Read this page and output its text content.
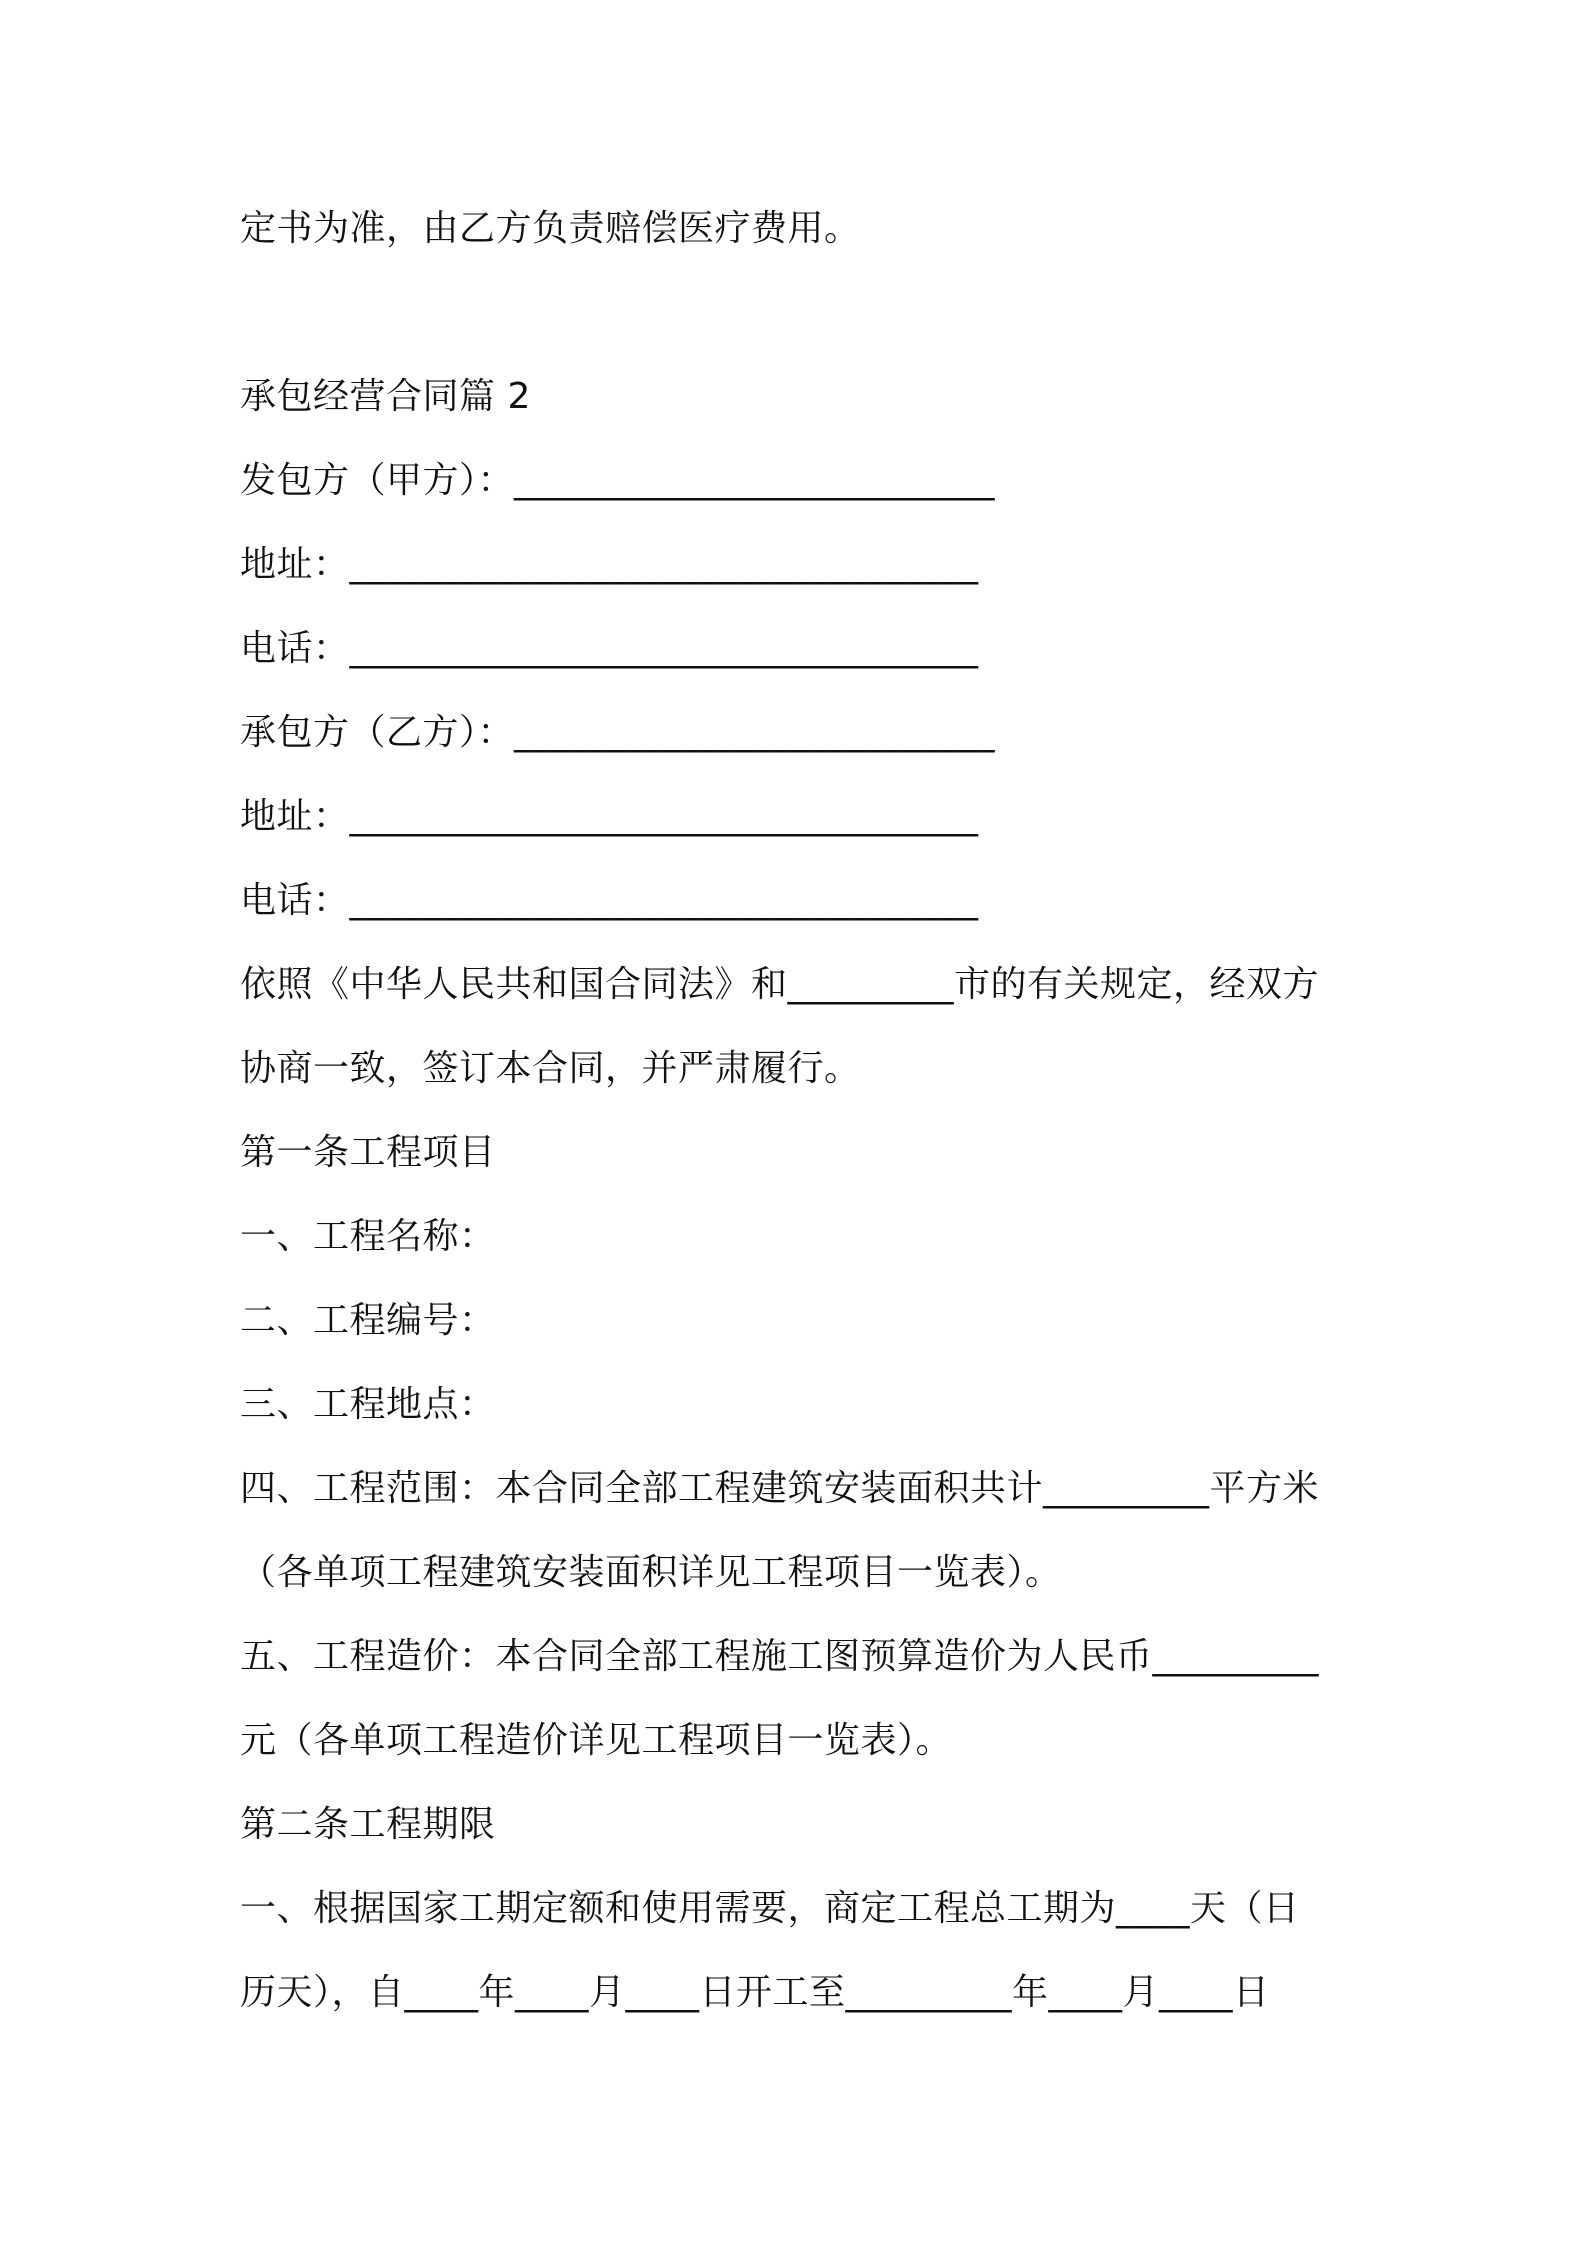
定书为准，由乙方负责赔偿医疗费用。
承包经营合同篇 2
发包方（甲方）：__________________________
地址：__________________________________
电话：__________________________________
承包方（乙方）：__________________________
地址：__________________________________
电话：__________________________________
依照《中华人民共和国合同法》和_________市的有关规定，经双方
协商一致，签订本合同，并严肃履行。
第一条工程项目
一、工程名称：
二、工程编号：
三、工程地点：
四、工程范围：本合同全部工程建筑安装面积共计_________平方米
（各单项工程建筑安装面积详见工程项目一览表）。
五、工程造价：本合同全部工程施工图预算造价为人民币_________
元（各单项工程造价详见工程项目一览表）。
第二条工程期限
一、根据国家工期定额和使用需要，商定工程总工期为____天（日
历天），自____年____月____日开工至_________年____月____日
